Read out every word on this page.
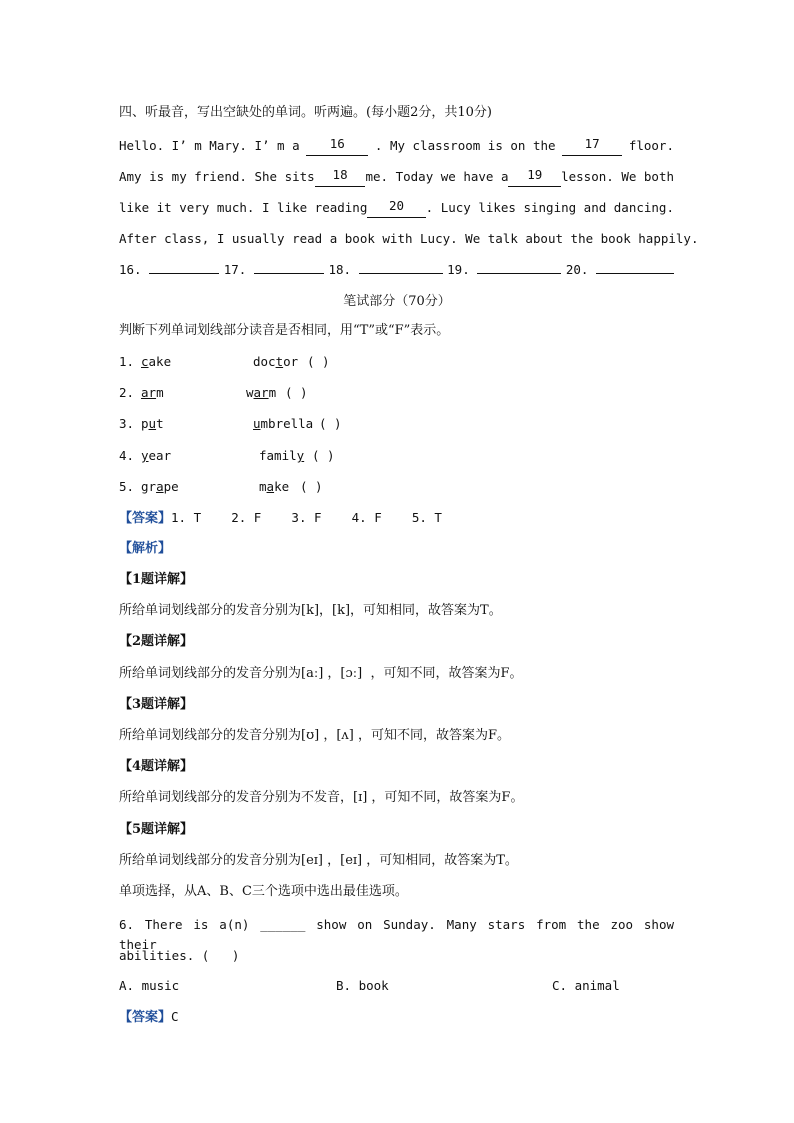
四、听最音，写出空缺处的单词。听两遍。(每小题2分，共10分)
Hello. I’ m Mary. I’ m a	16	. My classroom is on the	17	floor.
Amy is my friend. She sits	18	me. Today we have a	19	lesson. We both
like it very much. I like reading	20	. Lucy likes singing and dancing.
After class, I usually read a book with Lucy. We talk about the book happily.
16.	17.	18.	19.	20.
笔试部分（70分）
判断下列单词划线部分读音是否相同，用“T”或“F”表示。
1. cake	doctor ( )
2. arm	warm ( )
3. put	umbrella ( )
4. year	family ( )
5. grape	make ( )
【答案】1. T    2. F    3. F    4. F    5. T
【解析】
【1题详解】
所给单词划线部分的发音分别为[k]，[k]，可知相同，故答案为T。
【2题详解】
所给单词划线部分的发音分别为[aː] ，[ɔː]  ，可知不同，故答案为F。
【3题详解】
所给单词划线部分的发音分别为[ʊ] ，[ʌ] ，可知不同，故答案为F。
【4题详解】
所给单词划线部分的发音分别为不发音，[ɪ] ，可知不同，故答案为F。
【5题详解】
所给单词划线部分的发音分别为[eɪ] ，[eɪ] ，可知相同，故答案为T。
单项选择，从A、B、C三个选项中选出最佳选项。
6. There is a(n) ______ show on Sunday. Many stars from the zoo show their
abilities. (   )
A. music	B. book	C. animal
【答案】C
